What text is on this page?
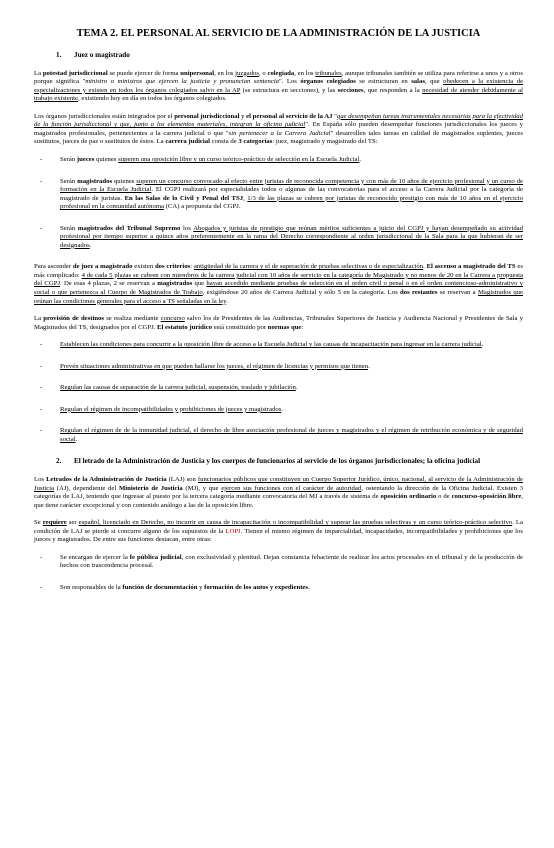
TEMA 2. EL PERSONAL AL SERVICIO DE LA ADMINISTRACIÓN DE LA JUSTICIA
1.	Juez o magistrado

La potestad jurisdiccional se puede ejercer de forma unipersonal, en los juzgados, o colegiada, en los tribunales, aunque tribunales también se utiliza para referirse a unos y a otros porque significa "ministro o ministros que ejercen la justicia y pronuncian sentencia". Los órganos colegiados se estructuran en salas, que obedecen a la existencia de especializaciones y existen en todos los órganos colegiados salvo en la AP (se estructura en secciones), y las secciones, que responden a la necesidad de atender debidamente al trabajo existente, existiendo hoy en día en todos los órganos colegiados.

Los órganos jurisdiccionales están integrados por el personal jurisdiccional y el personal al servicio de la AJ "que desempeñan tareas instrumentales necesarias para la efectividad de la función jurisdiccional y que, junto a los elementos materiales, integran la oficina judicial". En España sólo pueden desempeñar funciones jurisdiccionales los jueces y magistrados profesionales, pertenecientes a la carrera judicial o que "sin pertenecer a la Carrera Judicial" desarrollen tales tareas en calidad de magistrados suplentes, jueces sustitutos, jueces de paz o sustitutos de éstos. La carrera judicial consta de 3 categorías: juez, magistrado y magistrado del TS:

-	Serán jueces quienes superen una oposición libre y un curso teórico-práctico de selección en la Escuela Judicial.
-	Serán magistrados quienes superen un concurso convocado al efecto entre juristas de reconocida competencia y con más de 10 años de ejercicio profesional y un curso de formación en la Escuela Judicial. El CGPJ realizará por especialidades todos o algunas de las convocatorias para el acceso a la Carrera Judicial por la categoría de magistrado de juristas. En las Salas de lo Civil y Penal del TSJ, 1/3 de las plazas se cubren por juristas de reconocido prestigio con más de 10 años en el ejercicio profesional en la comunidad autónoma (CA) a propuesta del CGPJ.
-	Serán magistrados del Tribunal Supremo los Abogados y juristas de prestigio que reúnan méritos suficientes a juicio del CGPJ y hayan desempeñado su actividad profesional por tiempo superior a quince años preferentemente en la rama del Derecho correspondiente al orden jurisdiccional de la Sala para la que hubieran de ser designados.

Para ascender de juez a magistrado existen dos criterios: antigüedad de la carrera y el de superación de pruebas selectivas o de especialización. El ascenso a magistrado del TS es más complicado: 4 de cada 5 plazas se cubren con miembros de la carrera judicial con 10 años de servicio en la categoría de Magistrado y no menos de 20 en la Carrera a propuesta del CGPJ. De esas 4 plazas, 2 se reservan a magistrados que hayan accedido mediante pruebas de selección en el orden civil o penal o en el orden contencioso-administrativo y social o que pertenezca al Cuerpo de Magistrados de Trabajo, exigiéndose 20 años de Carrera Judicial y sólo 5 en la categoría. Los dos restantes se reservan a Magistrados que reúnan las condiciones generales para el acceso a TS señaladas en la ley.

La provisión de destinos se realiza mediante concurso salvo los de Presidentes de las Audiencias, Tribunales Superiores de Justicia y Audiencia Nacional y Presidentes de Sala y Magistrados del TS, designados por el CGPJ. El estatuto jurídico está constituido por normas que:

-	Establecen las condiciones para concurrir a la oposición libre de acceso a la Escuela Judicial y las causas de incapacitación para ingresar en la carrera judicial.
-	Prevén situaciones administrativas en que pueden hallarse los jueces, el régimen de licencias y permisos que tienen.
-	Regulan las causas de separación de la carrera judicial, suspensión, traslado y jubilación.
-	Regulan el régimen de incompatibilidades y prohibiciones de jueces y magistrados.
-	Regulan el régimen de de la inmunidad judicial, el derecho de libre asociación profesional de jueces y magistrados y el régimen de retribución económica y de seguridad social.
2.	El letrado de la Administración de Justicia y los cuerpos de funcionarios al servicio de los órganos jurisdiccionales; la oficina judicial

Los Letrados de la Administración de Justicia (LAJ) son funcionarios públicos que constituyen un Cuerpo Superior Jurídico, único, nacional, al servicio de la Administración de Justicia (AJ), dependiente del Ministerio de Justicia (MJ), y que ejercen sus funciones con el carácter de autoridad, ostentando la dirección de la Oficina Judicial. Existen 3 categorías de LAJ, teniendo que ingresar al puesto por la tercera categoría mediante convocatoria del MJ a través de sistema de oposición ordinario o de concurso-oposición libre, que tiene carácter excepcional y con contenido análogo a las de la oposición libre.

Se requiere ser español, licenciado en Derecho, no incurrir en causa de incapacitación o incompatibilidad y superar las pruebas selectivas y un curso teórico-práctico selectivo. La condición de LAJ se pierde si concurre alguno de los supuestos de la LOPJ. Tienen el mismo régimen de imparcialidad, incapacidades, incompatibilidades y prohibiciones que los jueces y magistrados. De entre sus funciones destacan, entre otras:

-	Se encargan de ejercer la fe pública judicial, con exclusividad y plenitud. Dejan constancia fehaciente de realizar los actos procesales en el tribunal y de la producción de hechos con trascendencia procesal.
-	Son responsables de la función de documentación y formación de los autos y expedientes.
